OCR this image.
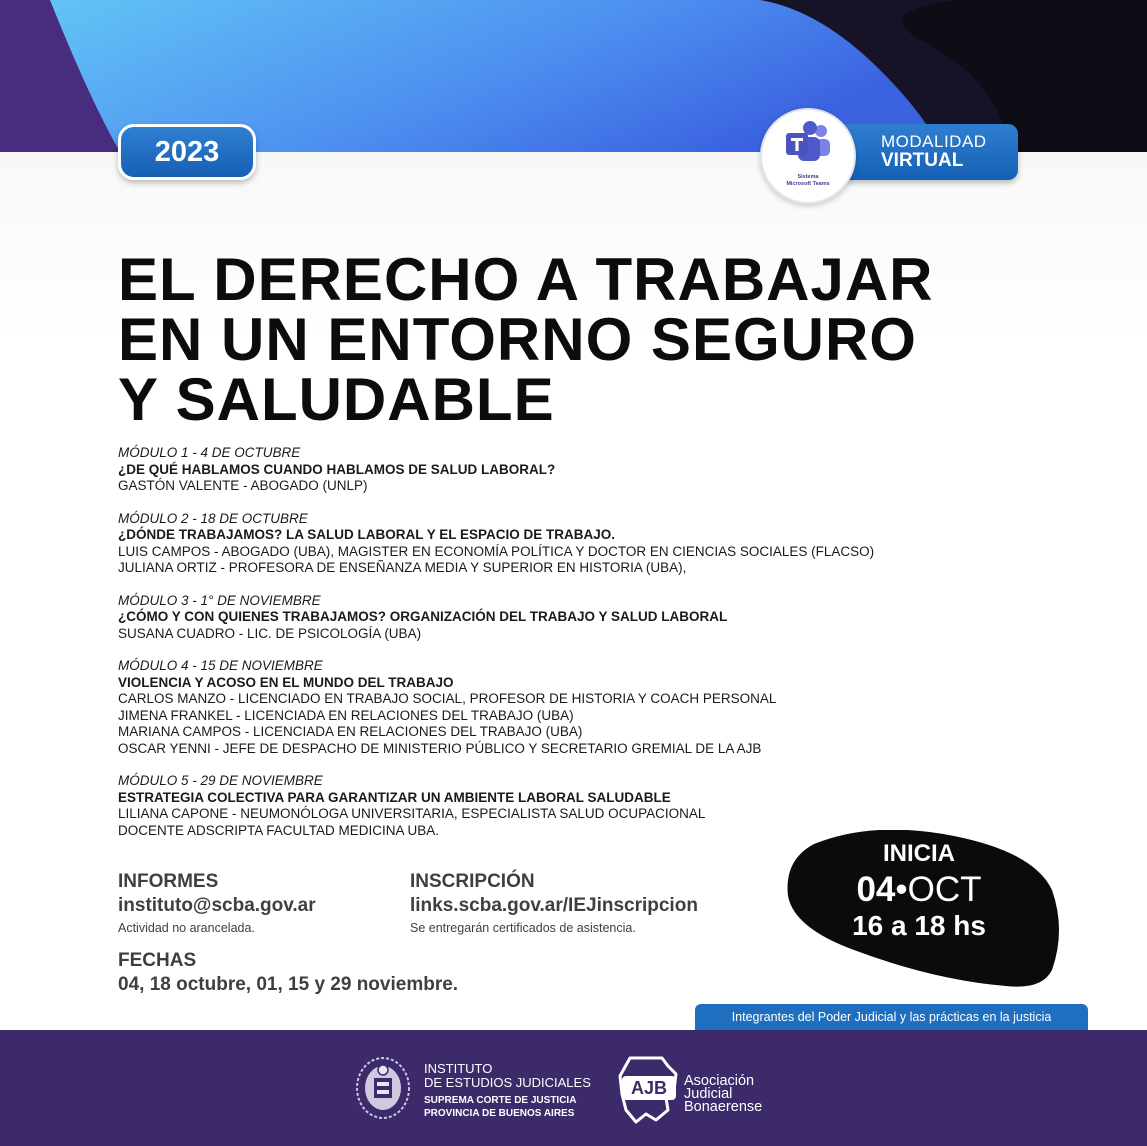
2023	MODALIDAD
VIRTUAL
Sistema
Microsoft Teams
EL DERECHO A TRABAJAR
EN UN ENTORNO SEGURO
Y SALUDABLE
MÓDULO 1 - 4 DE OCTUBRE
¿DE QUÉ HABLAMOS CUANDO HABLAMOS DE SALUD LABORAL?
GASTÓN VALENTE - ABOGADO (UNLP)
MÓDULO 2 - 18 DE OCTUBRE
¿DÓNDE TRABAJAMOS? LA SALUD LABORAL Y EL ESPACIO DE TRABAJO.
LUIS CAMPOS - ABOGADO (UBA), MAGISTER EN ECONOMÍA POLÍTICA Y DOCTOR EN CIENCIAS SOCIALES (FLACSO)
JULIANA ORTIZ - PROFESORA DE ENSEÑANZA MEDIA Y SUPERIOR EN HISTORIA (UBA),
MÓDULO 3 - 1° DE NOVIEMBRE
¿CÓMO Y CON QUIENES TRABAJAMOS? ORGANIZACIÓN DEL TRABAJO Y SALUD LABORAL
SUSANA CUADRO - LIC. DE PSICOLOGÍA (UBA)
MÓDULO 4 - 15 DE NOVIEMBRE
VIOLENCIA Y ACOSO EN EL MUNDO DEL TRABAJO
CARLOS MANZO - LICENCIADO EN TRABAJO SOCIAL, PROFESOR DE HISTORIA Y COACH PERSONAL
JIMENA FRANKEL - LICENCIADA EN RELACIONES DEL TRABAJO (UBA)
MARIANA CAMPOS - LICENCIADA EN RELACIONES DEL TRABAJO (UBA)
OSCAR YENNI - JEFE DE DESPACHO DE MINISTERIO PÚBLICO Y SECRETARIO GREMIAL DE LA AJB
MÓDULO 5 - 29 DE NOVIEMBRE
ESTRATEGIA COLECTIVA PARA GARANTIZAR UN AMBIENTE LABORAL SALUDABLE
LILIANA CAPONE - NEUMONÓLOGA UNIVERSITARIA, ESPECIALISTA SALUD OCUPACIONAL
DOCENTE ADSCRIPTA FACULTAD MEDICINA UBA.
INFORMES
instituto@scba.gov.ar
Actividad no arancelada.
INSCRIPCIÓN
links.scba.gov.ar/IEJinscripcion
Se entregarán certificados de asistencia.
FECHAS
04, 18 octubre, 01, 15 y 29 noviembre.
INICIA
04•OCT
16 a 18 hs
Integrantes del Poder Judicial y las prácticas en la justicia
INSTITUTO
DE ESTUDIOS JUDICIALES
SUPREMA CORTE DE JUSTICIA
PROVINCIA DE BUENOS AIRES
AJB Asociación
Judicial
Bonaerense
